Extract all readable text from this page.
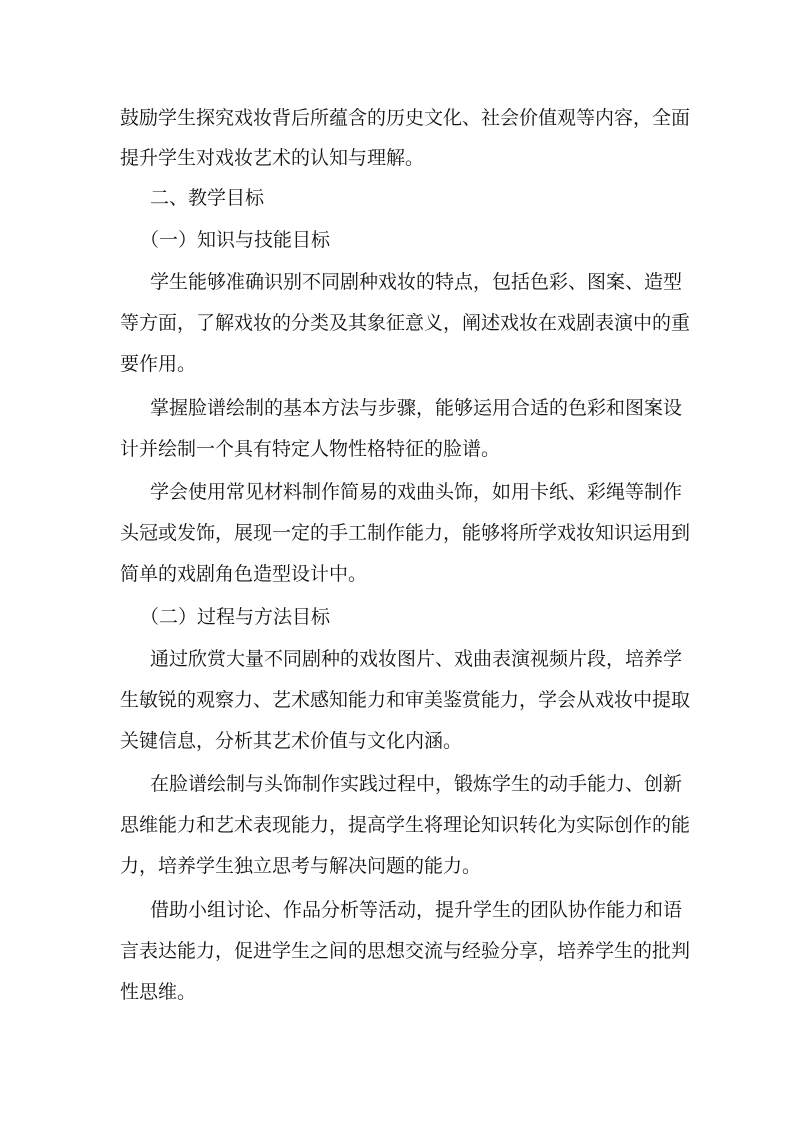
鼓励学生探究戏妆背后所蕴含的历史文化、社会价值观等内容，全面

提升学生对戏妆艺术的认知与理解。

二、教学目标

（一）知识与技能目标

学生能够准确识别不同剧种戏妆的特点，包括色彩、图案、造型

等方面，了解戏妆的分类及其象征意义，阐述戏妆在戏剧表演中的重

要作用。

掌握脸谱绘制的基本方法与步骤，能够运用合适的色彩和图案设

计并绘制一个具有特定人物性格特征的脸谱。

学会使用常见材料制作简易的戏曲头饰，如用卡纸、彩绳等制作

头冠或发饰，展现一定的手工制作能力，能够将所学戏妆知识运用到

简单的戏剧角色造型设计中。

（二）过程与方法目标

通过欣赏大量不同剧种的戏妆图片、戏曲表演视频片段，培养学

生敏锐的观察力、艺术感知能力和审美鉴赏能力，学会从戏妆中提取

关键信息，分析其艺术价值与文化内涵。

在脸谱绘制与头饰制作实践过程中，锻炼学生的动手能力、创新

思维能力和艺术表现能力，提高学生将理论知识转化为实际创作的能

力，培养学生独立思考与解决问题的能力。

借助小组讨论、作品分析等活动，提升学生的团队协作能力和语

言表达能力，促进学生之间的思想交流与经验分享，培养学生的批判

性思维。
